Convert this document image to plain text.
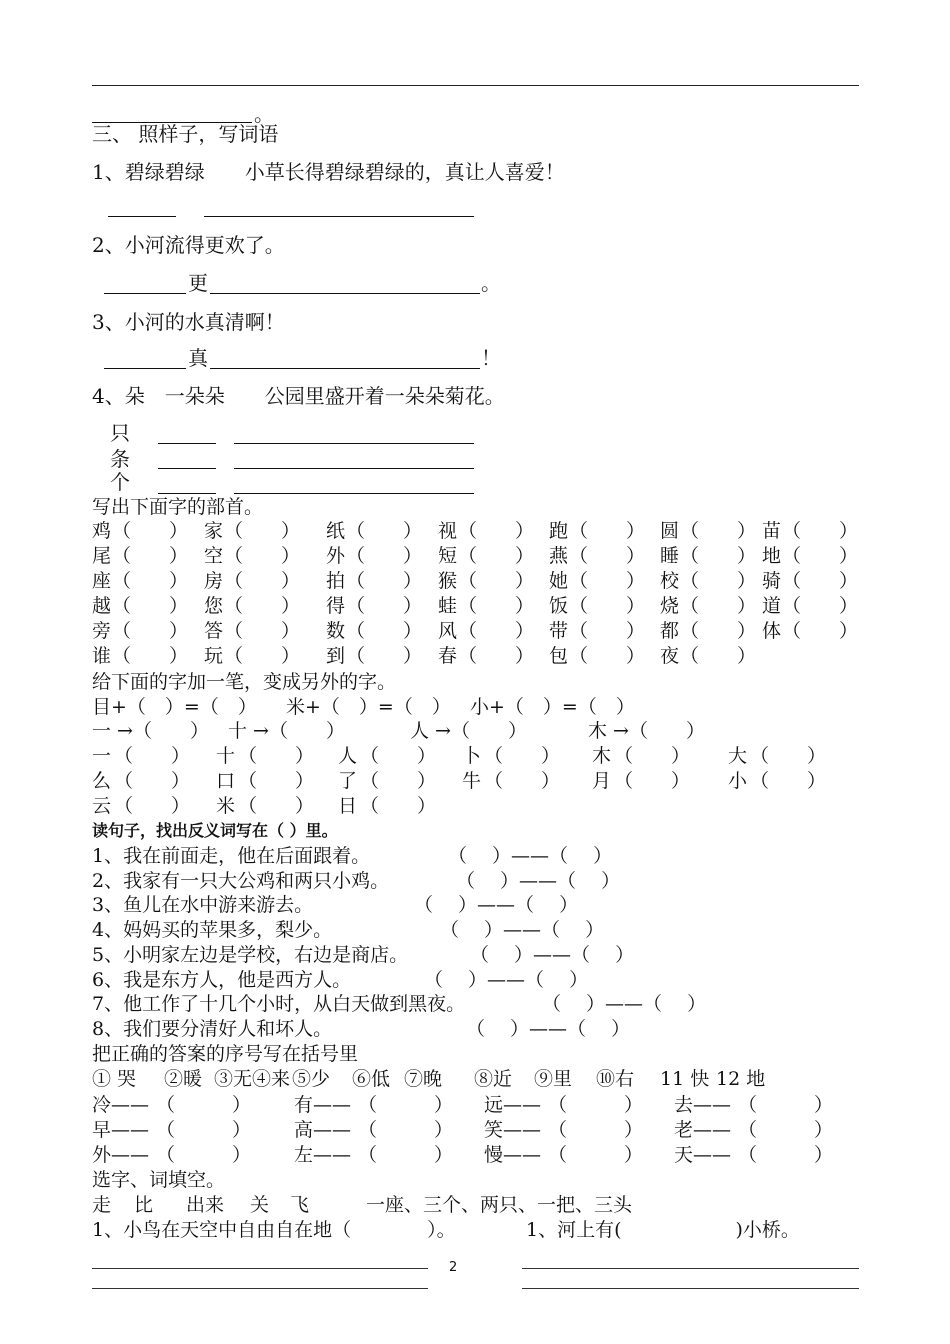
。
三、 照样子，写词语
1、碧绿碧绿　　小草长得碧绿碧绿的，真让人喜爱！
2、小河流得更欢了。
更	。
3、小河的水真清啊！
真	！
4、朵　一朵朵　　公园里盛开着一朵朵菊花。
只
条
个
写出下面字的部首。
鸡 （　　） 家 （　　） 纸 （　　） 视 （　　） 跑 （　　） 圆 （　　） 苗 （　　）
尾 （　　） 空 （　　） 外 （　　） 短 （　　） 燕 （　　） 睡 （　　） 地 （　　）
座 （　　） 房 （　　） 拍 （　　） 猴 （　　） 她 （　　） 校 （　　） 骑 （　　）
越 （　　） 您 （　　） 得 （　　） 蛙 （　　） 饭 （　　） 烧 （　　） 道 （　　）
旁 （　　） 答 （　　） 数 （　　） 风 （　　） 带 （　　） 都 （　　） 体 （　　）
谁 （　　） 玩 （　　） 到 （　　） 春 （　　） 包 （　　） 夜 （　　）
给下面的字加一笔，变成另外的字。
目+（　）=（　） 米+（　）=（　） 小+（　）=（　）
一 →（　　） 十 →（　　）	人 →（　　）	木 →（　　）
一 （　　） 十 （　　） 人 （　　） 卜 （　　） 木 （　　） 大 （　　）
么 （　　） 口 （　　） 了 （　　） 牛 （　　） 月 （　　） 小 （　　）
云 （　　） 米 （　　） 日 （　　）
读句子，找出反义词写在（ ）里。
1、我在前面走，他在后面跟着。	（　 ）——（　 ）
2、我家有一只大公鸡和两只小鸡。	（　 ）——（　 ）
3、鱼儿在水中游来游去。	（　 ）——（　 ）
4、妈妈买的苹果多，梨少。	（　 ）——（　 ）
5、小明家左边是学校，右边是商店。	（　 ）——（　 ）
6、我是东方人，他是西方人。	（　 ）——（　 ）
7、他工作了十几个小时，从白天做到黑夜。	（　 ）——（　 ）
8、我们要分清好人和坏人。	（　 ）——（　 ）
把正确的答案的序号写在括号里
① 哭 ②暖 ③无 ④来 ⑤少 ⑥低 ⑦晚 ⑧近 ⑨里 ⑩右 11 快 12 地
冷—— （　　　） 有—— （　　　） 远—— （　　　） 去—— （　　　）
早—— （　　　） 高—— （　　　） 笑—— （　　　） 老—— （　　　）
外—— （　　　） 左—— （　　　） 慢—— （　　　） 天—— （　　　）
选字、词填空。
走 比 出来 关 飞	一座、三个、两只、一把、三头
1、小鸟在天空中自由自在地（　　　　）。	1、河上有(　　　　　　)小桥。
2
